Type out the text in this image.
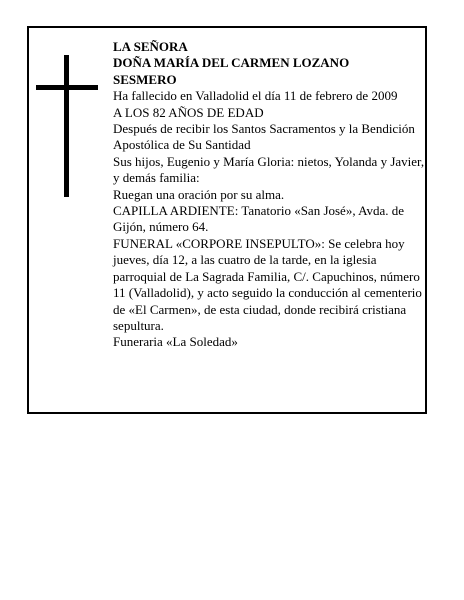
LA SEÑORA

DOÑA MARÍA DEL CARMEN LOZANO

SESMERO

Ha fallecido en Valladolid el día 11 de febrero de 2009

A LOS 82 AÑOS DE EDAD

Después de recibir los Santos Sacramentos y la Bendición Apostólica de Su Santidad

Sus hijos, Eugenio y María Gloria: nietos, Yolanda y Javier, y demás familia:

Ruegan una oración por su alma.

CAPILLA ARDIENTE: Tanatorio «San José», Avda. de Gijón, número 64.

FUNERAL «CORPORE INSEPULTO»: Se celebra hoy jueves, día 12, a las cuatro de la tarde, en la iglesia parroquial de La Sagrada Familia, C/. Capuchinos, número 11 (Valladolid), y acto seguido la conducción al cementerio de «El Carmen», de esta ciudad, donde recibirá cristiana sepultura.

Funeraria «La Soledad»
